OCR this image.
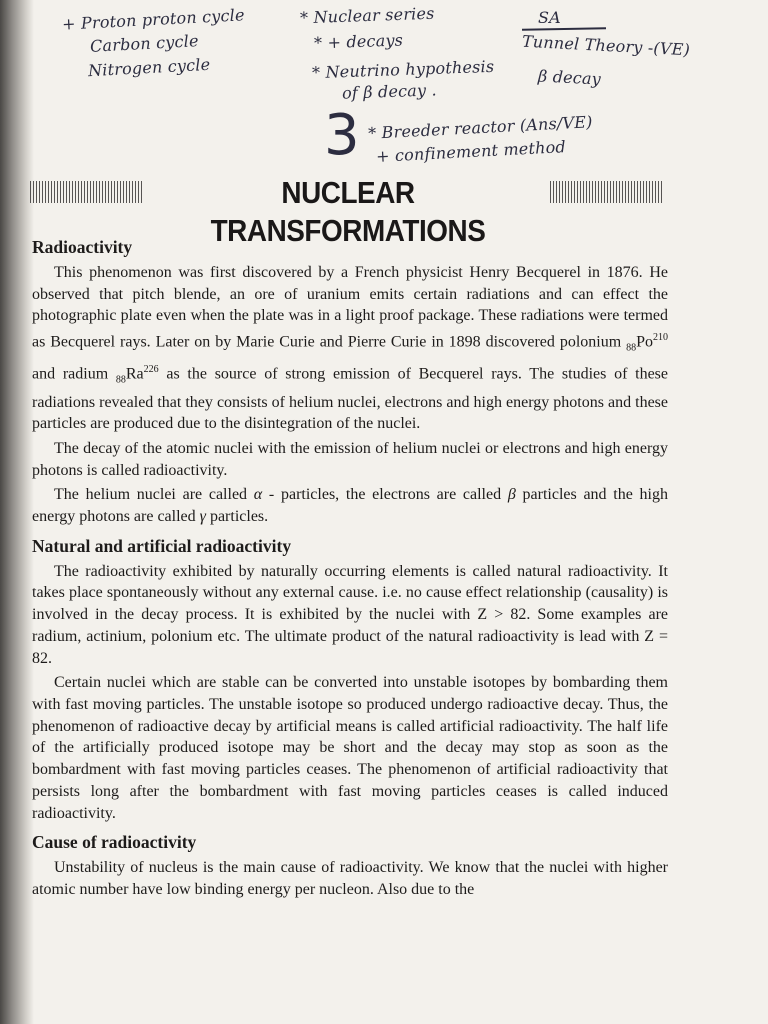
+ Proton proton cycle
Carbon cycle
Nitrogen cycle
* Nuclear series
* + decays
* Neutrino hypothesis
of β decay .
SA
Tunnel Theory -(VE)
β decay
3 * Breeder reactor (Ans/VE)
+ confinement method
NUCLEAR TRANSFORMATIONS
Radioactivity

This phenomenon was first discovered by a French physicist Henry Becquerel in 1876. He observed that pitch blende, an ore of uranium emits certain radiations and can effect the photographic plate even when the plate was in a light proof package. These radiations were termed as Becquerel rays. Later on by Marie Curie and Pierre Curie in 1898 discovered polonium $_{88}Po^{210}$ and radium $_{88}Ra^{226}$ as the source of strong emission of Becquerel rays. The studies of these radiations revealed that they consists of helium nuclei, electrons and high energy photons and these particles are produced due to the disintegration of the nuclei.

The decay of the atomic nuclei with the emission of helium nuclei or electrons and high energy photons is called radioactivity.

The helium nuclei are called α - particles, the electrons are called β particles and the high energy photons are called γ particles.

Natural and artificial radioactivity

The radioactivity exhibited by naturally occurring elements is called natural radioactivity. It takes place spontaneously without any external cause. i.e. no cause effect relationship (causality) is involved in the decay process. It is exhibited by the nuclei with Z > 82. Some examples are radium, actinium, polonium etc. The ultimate product of the natural radioactivity is lead with Z = 82.

Certain nuclei which are stable can be converted into unstable isotopes by bombarding them with fast moving particles. The unstable isotope so produced undergo radioactive decay. Thus, the phenomenon of radioactive decay by artificial means is called artificial radioactivity. The half life of the artificially produced isotope may be short and the decay may stop as soon as the bombardment with fast moving particles ceases. The phenomenon of artificial radioactivity that persists long after the bombardment with fast moving particles ceases is called induced radioactivity.

Cause of radioactivity

Unstability of nucleus is the main cause of radioactivity. We know that the nuclei with higher atomic number have low binding energy per nucleon. Also due to the
